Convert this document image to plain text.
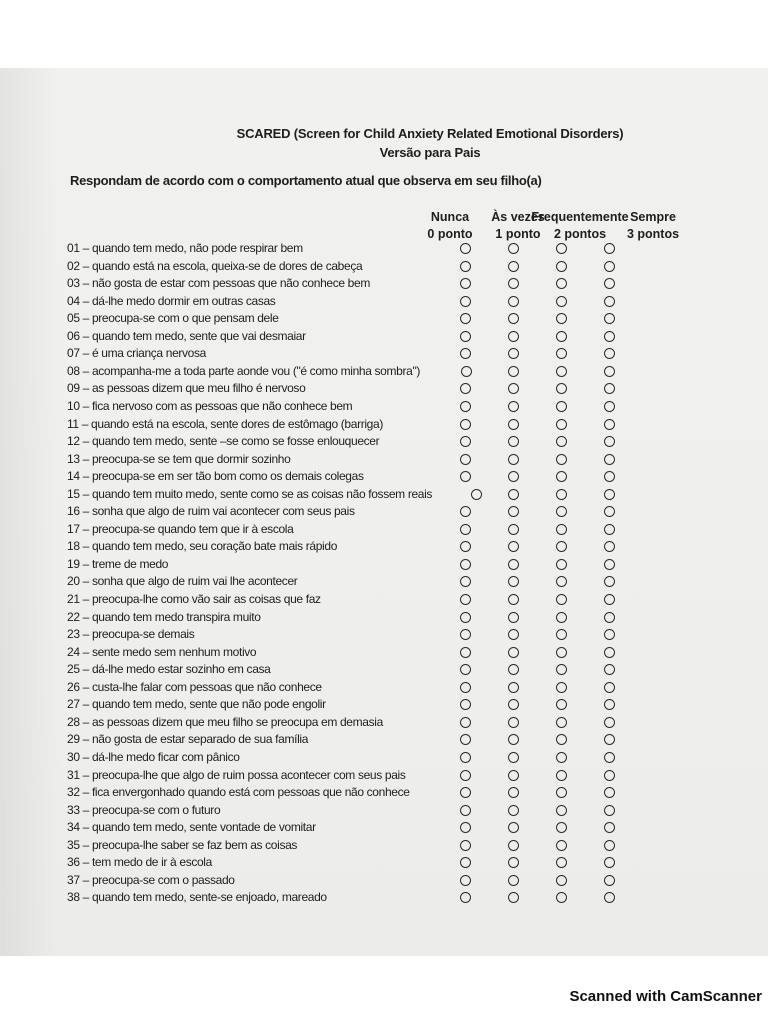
SCARED (Screen for Child Anxiety Related Emotional Disorders)
Versão para Pais
Respondam de acordo com o comportamento atual que observa em seu filho(a)
Nunca
0 ponto
Às vezes
1 ponto
Frequentemente
2 pontos
Sempre
3 pontos
01 – quando tem medo, não pode respirar bem
02 – quando está na escola, queixa-se de dores de cabeça
03 – não gosta de estar com pessoas que não conhece bem
04 – dá-lhe medo dormir em outras casas
05 – preocupa-se com o que pensam dele
06 – quando tem medo, sente que vai desmaiar
07 – é uma criança nervosa
08 – acompanha-me a toda parte aonde vou ("é como minha sombra")
09 – as pessoas dizem que meu filho é nervoso
10 – fica nervoso com as pessoas que não conhece bem
11 – quando está na escola, sente dores de estômago (barriga)
12 – quando tem medo, sente –se como se fosse enlouquecer
13 – preocupa-se se tem que dormir sozinho
14 – preocupa-se em ser tão bom como os demais colegas
15 – quando tem muito medo, sente como se as coisas não fossem reais
16 – sonha que algo de ruim vai acontecer com seus pais
17 – preocupa-se quando tem que ir à escola
18 – quando tem medo, seu coração bate mais rápido
19 – treme de medo
20 – sonha que algo de ruim vai lhe acontecer
21 – preocupa-lhe como vão sair as coisas que faz
22 – quando tem medo transpira muito
23 – preocupa-se demais
24 – sente medo sem nenhum motivo
25 – dá-lhe medo estar sozinho em casa
26 – custa-lhe falar com pessoas que não conhece
27 – quando tem medo, sente que não pode engolir
28 – as pessoas dizem que meu filho se preocupa em demasia
29 – não gosta de estar separado de sua família
30 – dá-lhe medo ficar com pânico
31 – preocupa-lhe que algo de ruim possa acontecer com seus pais
32 – fica envergonhado quando está com pessoas que não conhece
33 – preocupa-se com o futuro
34 – quando tem medo, sente vontade de vomitar
35 – preocupa-lhe saber se faz bem as coisas
36 – tem medo de ir à escola
37 – preocupa-se com o passado
38 – quando tem medo, sente-se enjoado, mareado
Scanned with CamScanner
